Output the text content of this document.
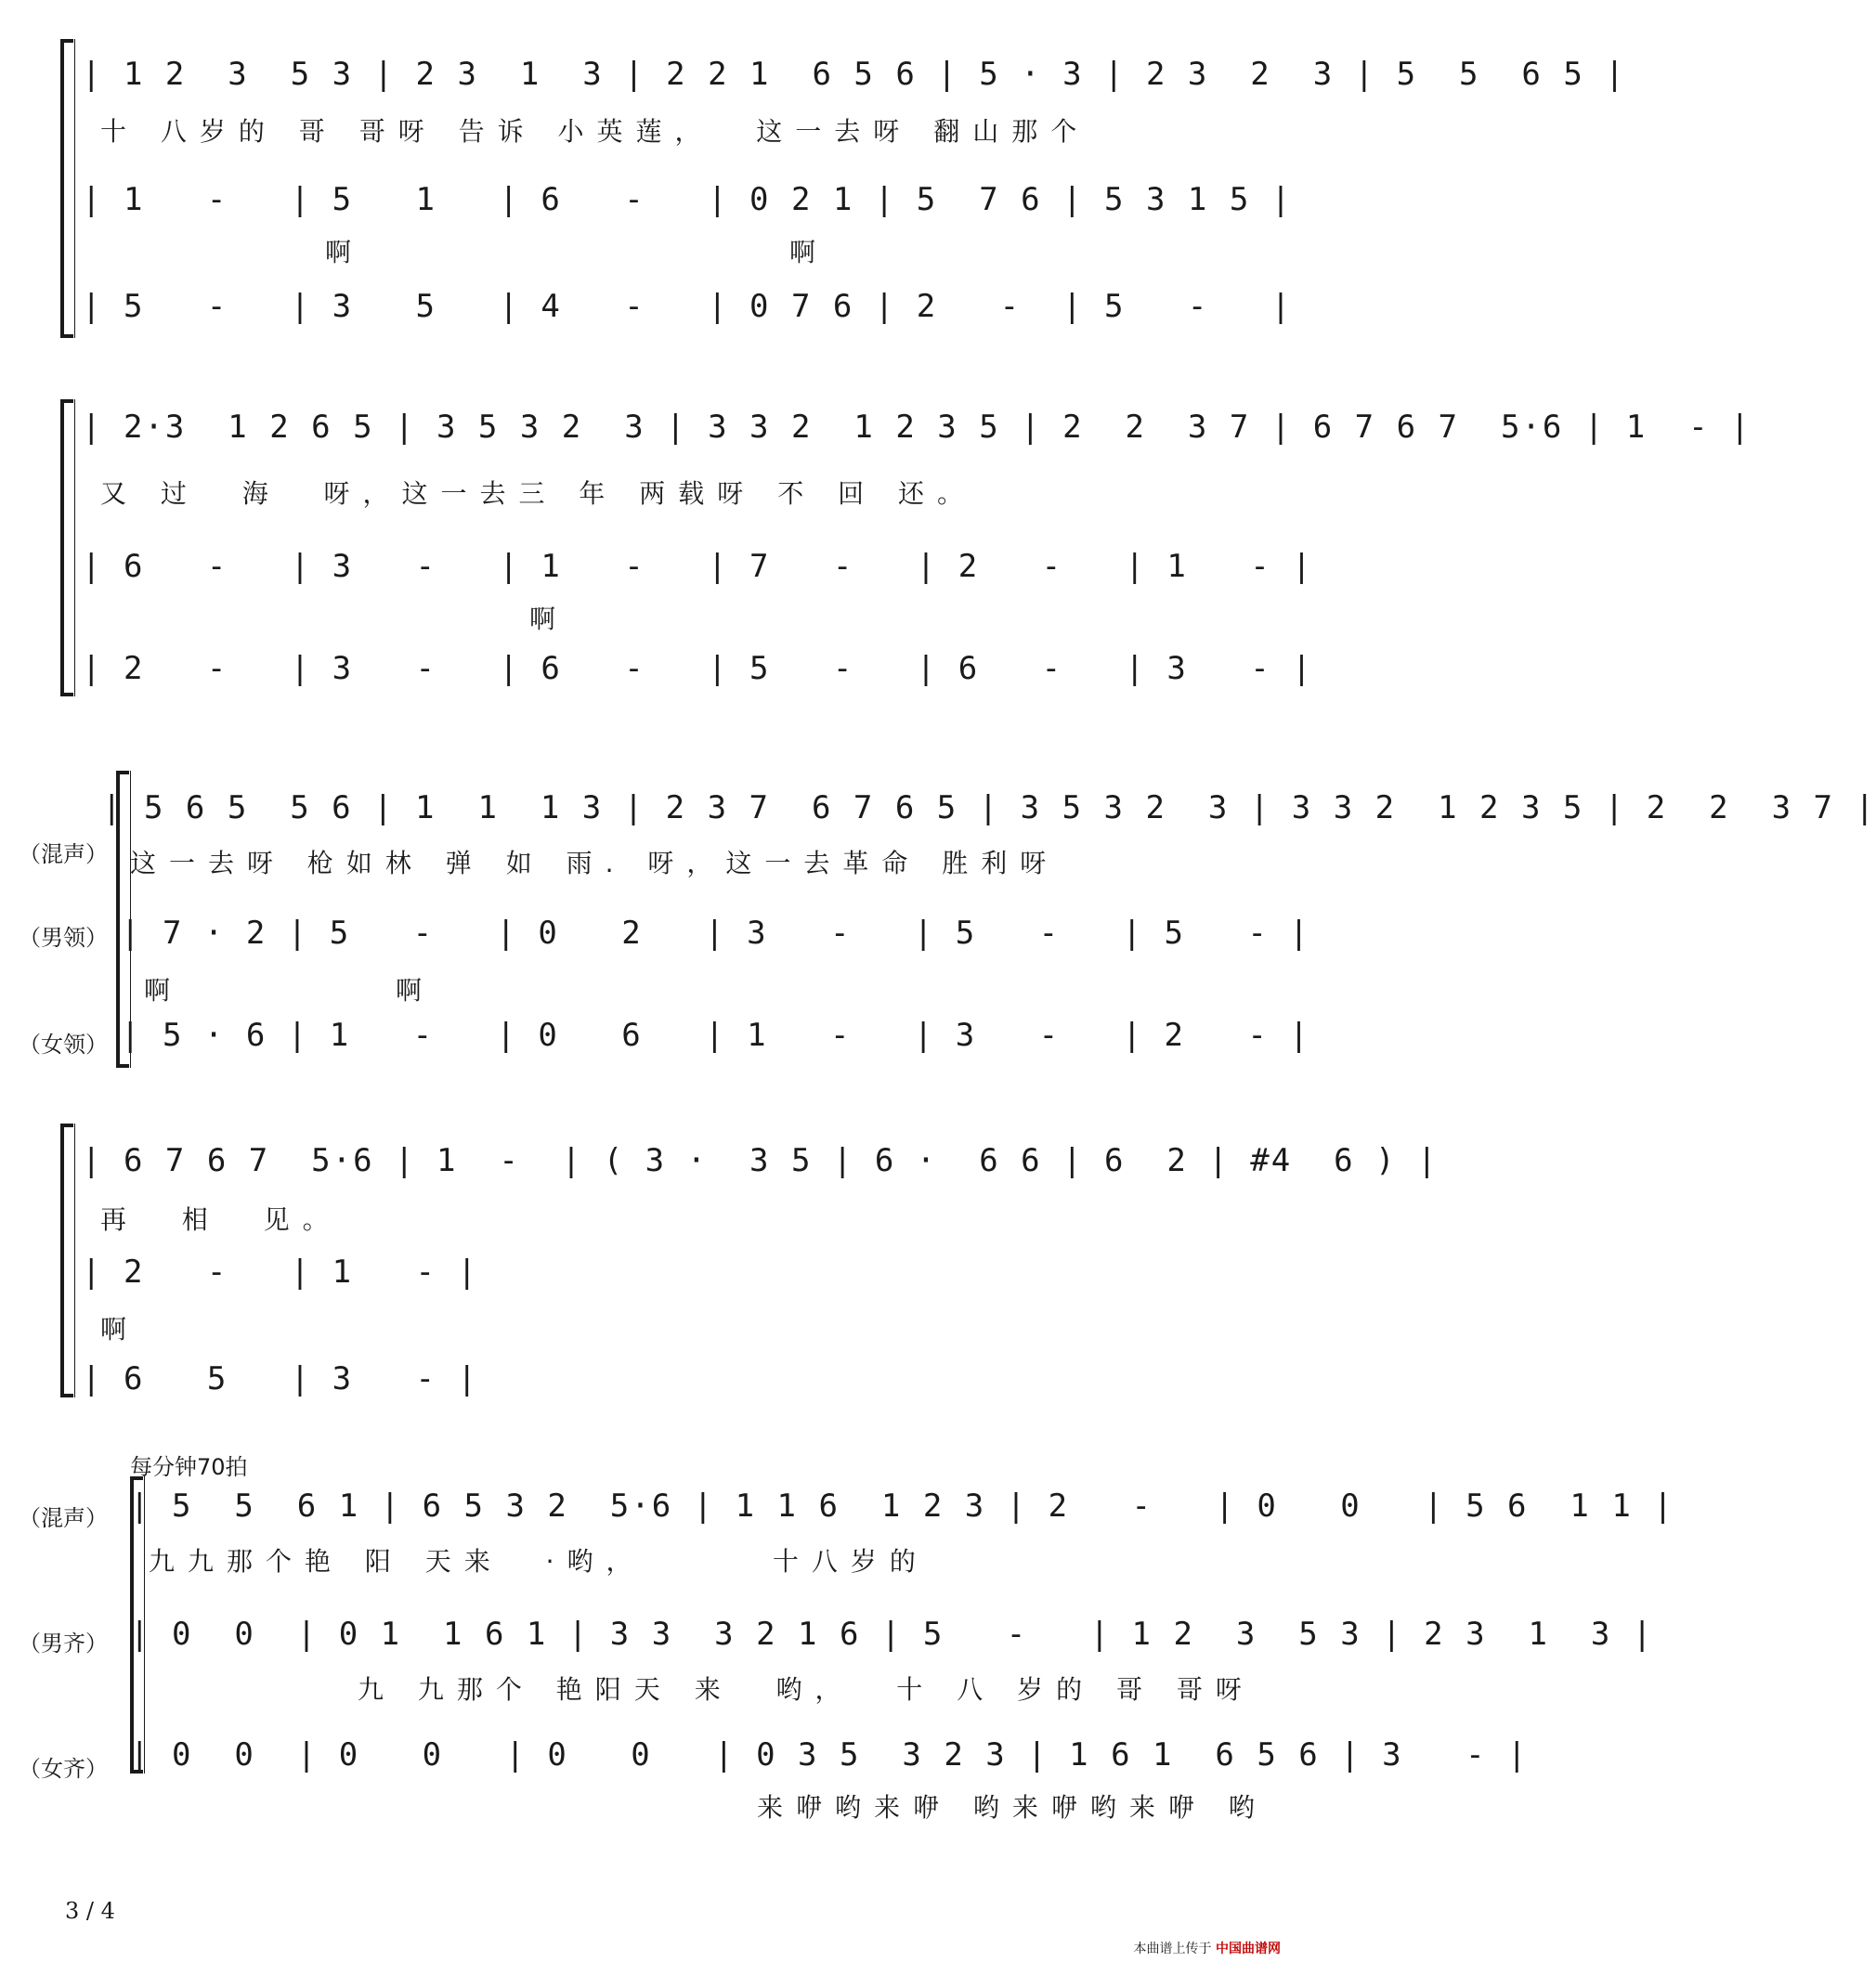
| 1 2  3  5 3 | 2 3  1  3 | 2 2 1  6 5 6 | 5 · 3 | 2 3  2  3 | 5  5  6 5 |
十 八岁的 哥 哥呀 告诉 小英莲，  这一去呀 翻山那个
| 1   -   | 5   1   | 6   -   | 0 2 1 | 5  7 6 | 5 3 1 5 |
啊                    啊
| 5   -   | 3   5   | 4   -   | 0 7 6 | 2   -  | 5   -   |
| 2·3  1 2 6 5 | 3 5 3 2  3 | 3 3 2  1 2 3 5 | 2  2  3 7 | 6 7 6 7  5·6 | 1  - |
又 过  海  呀，这一去三 年 两载呀 不 回 还。
| 6   -   | 3   -   | 1   -   | 7   -   | 2   -   | 1   - |
啊
| 2   -   | 3   -   | 6   -   | 5   -   | 6   -   | 3   - |
（混声）
（男领）
（女领）
| 5 6 5  5 6 | 1  1  1 3 | 2 3 7  6 7 6 5 | 3 5 3 2  3 | 3 3 2  1 2 3 5 | 2  2  3 7 |
这一去呀 枪如林 弹 如 雨. 呀，这一去革命 胜利呀
| 7 · 2 | 5   -   | 0   2   | 3   -   | 5   -   | 5   - |
啊          啊
| 5 · 6 | 1   -   | 0   6   | 1   -   | 3   -   | 2   - |
| 6 7 6 7  5·6 | 1  -  | ( 3 ·  3 5 | 6 ·  6 6 | 6  2 | #4  6 ) |
再  相  见。
| 2   -   | 1   - |
啊
| 6   5   | 3   - |
每分钟70拍
（混声）
（男齐）
（女齐）
| 5  5  6 1 | 6 5 3 2  5·6 | 1 1 6  1 2 3 | 2   -   | 0   0   | 5 6  1 1 |
九九那个艳 阳 天来  ·哟，      十八岁的
| 0  0  | 0 1  1 6 1 | 3 3  3 2 1 6 | 5   -   | 1 2  3  5 3 | 2 3  1  3 |
九 九那个 艳阳天 来  哟，  十 八 岁的 哥 哥呀
| 0  0  | 0   0   | 0   0   | 0 3 5  3 2 3 | 1 6 1  6 5 6 | 3   - |
来咿哟来咿 哟来咿哟来咿 哟
3 / 4
本曲谱上传于 中国曲谱网
